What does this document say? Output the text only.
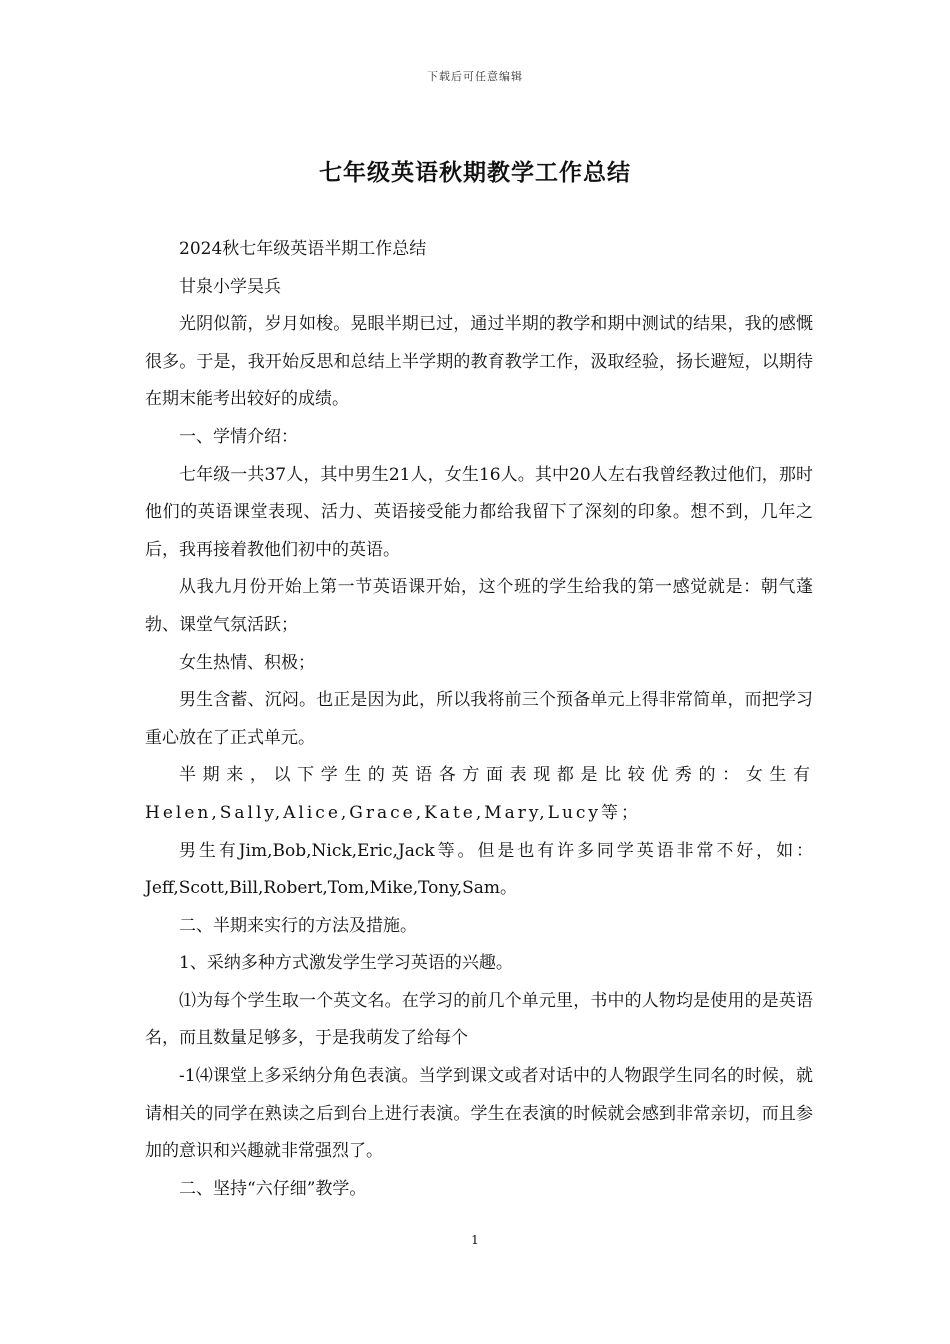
下载后可任意编辑
七年级英语秋期教学工作总结

2024秋七年级英语半期工作总结

甘泉小学吴兵

光阴似箭，岁月如梭。晃眼半期已过，通过半期的教学和期中测试的结果，我的感慨很多。于是，我开始反思和总结上半学期的教育教学工作，汲取经验，扬长避短，以期待在期末能考出较好的成绩。

一、学情介绍：

七年级一共37人，其中男生21人，女生16人。其中20人左右我曾经教过他们，那时他们的英语课堂表现、活力、英语接受能力都给我留下了深刻的印象。想不到，几年之后，我再接着教他们初中的英语。

从我九月份开始上第一节英语课开始，这个班的学生给我的第一感觉就是：朝气蓬勃、课堂气氛活跃；

女生热情、积极；

男生含蓄、沉闷。也正是因为此，所以我将前三个预备单元上得非常简单，而把学习重心放在了正式单元。

半期来，以下学生的英语各方面表现都是比较优秀的：女生有Helen,Sally,Alice,Grace,Kate,Mary,Lucy等；

男生有Jim,Bob,Nick,Eric,Jack等。但是也有许多同学英语非常不好，如：Jeff,Scott,Bill,Robert,Tom,Mike,Tony,Sam。

二、半期来实行的方法及措施。

1、采纳多种方式激发学生学习英语的兴趣。

⑴为每个学生取一个英文名。在学习的前几个单元里，书中的人物均是使用的是英语名，而且数量足够多，于是我萌发了给每个

-1⑷课堂上多采纳分角色表演。当学到课文或者对话中的人物跟学生同名的时候，就请相关的同学在熟读之后到台上进行表演。学生在表演的时候就会感到非常亲切，而且参加的意识和兴趣就非常强烈了。

二、坚持“六仔细”教学。

1
